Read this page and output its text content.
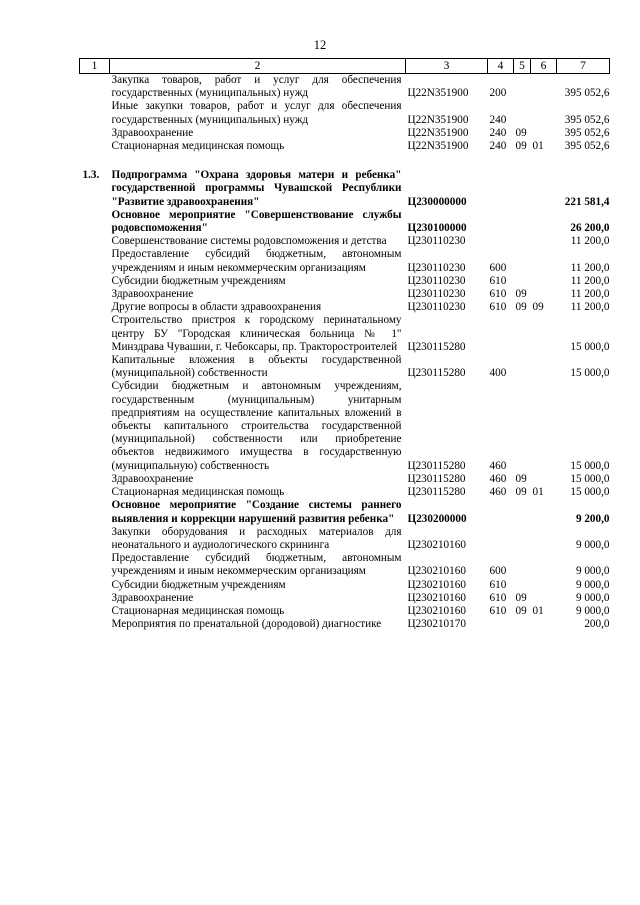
12
1	2	3	4	5	6	7
	Закупка товаров, работ и услуг для обеспечения государственных (муниципальных) нужд	Ц22N351900	200			395 052,6
	Иные закупки товаров, работ и услуг для обеспечения государственных (муниципальных) нужд	Ц22N351900	240			395 052,6
	Здравоохранение	Ц22N351900	240	09		395 052,6
	Стационарная медицинская помощь	Ц22N351900	240	09	01	395 052,6

1.3.	Подпрограмма "Охрана здоровья матери и ребенка" государственной программы Чувашской Республики "Развитие здравоохранения"	Ц230000000				221 581,4
	Основное мероприятие "Совершенствование службы родовспоможения"	Ц230100000				26 200,0
	Совершенствование системы родовспоможения и детства	Ц230110230				11 200,0
	Предоставление субсидий бюджетным, автономным учреждениям и иным некоммерческим организациям	Ц230110230	600			11 200,0
	Субсидии бюджетным учреждениям	Ц230110230	610			11 200,0
	Здравоохранение	Ц230110230	610	09		11 200,0
	Другие вопросы в области здравоохранения	Ц230110230	610	09	09	11 200,0
	Строительство пристроя к городскому перинатальному центру БУ "Городская клиническая больница № 1" Минздрава Чувашии, г. Чебоксары, пр. Тракторостроителей	Ц230115280				15 000,0
	Капитальные вложения в объекты государственной (муниципальной) собственности	Ц230115280	400			15 000,0
	Субсидии бюджетным и автономным учреждениям, государственным (муниципальным) унитарным предприятиям на осуществление капитальных вложений в объекты капитального строительства государственной (муниципальной) собственности или приобретение объектов недвижимого имущества в государственную (муниципальную) собственность	Ц230115280	460			15 000,0
	Здравоохранение	Ц230115280	460	09		15 000,0
	Стационарная медицинская помощь	Ц230115280	460	09	01	15 000,0
	Основное мероприятие "Создание системы раннего выявления и коррекции нарушений развития ребенка"	Ц230200000				9 200,0
	Закупки оборудования и расходных материалов для неонатального и аудиологического скрининга	Ц230210160				9 000,0
	Предоставление субсидий бюджетным, автономным учреждениям и иным некоммерческим организациям	Ц230210160	600			9 000,0
	Субсидии бюджетным учреждениям	Ц230210160	610			9 000,0
	Здравоохранение	Ц230210160	610	09		9 000,0
	Стационарная медицинская помощь	Ц230210160	610	09	01	9 000,0
	Мероприятия по пренатальной (дородовой) диагностике	Ц230210170				200,0
